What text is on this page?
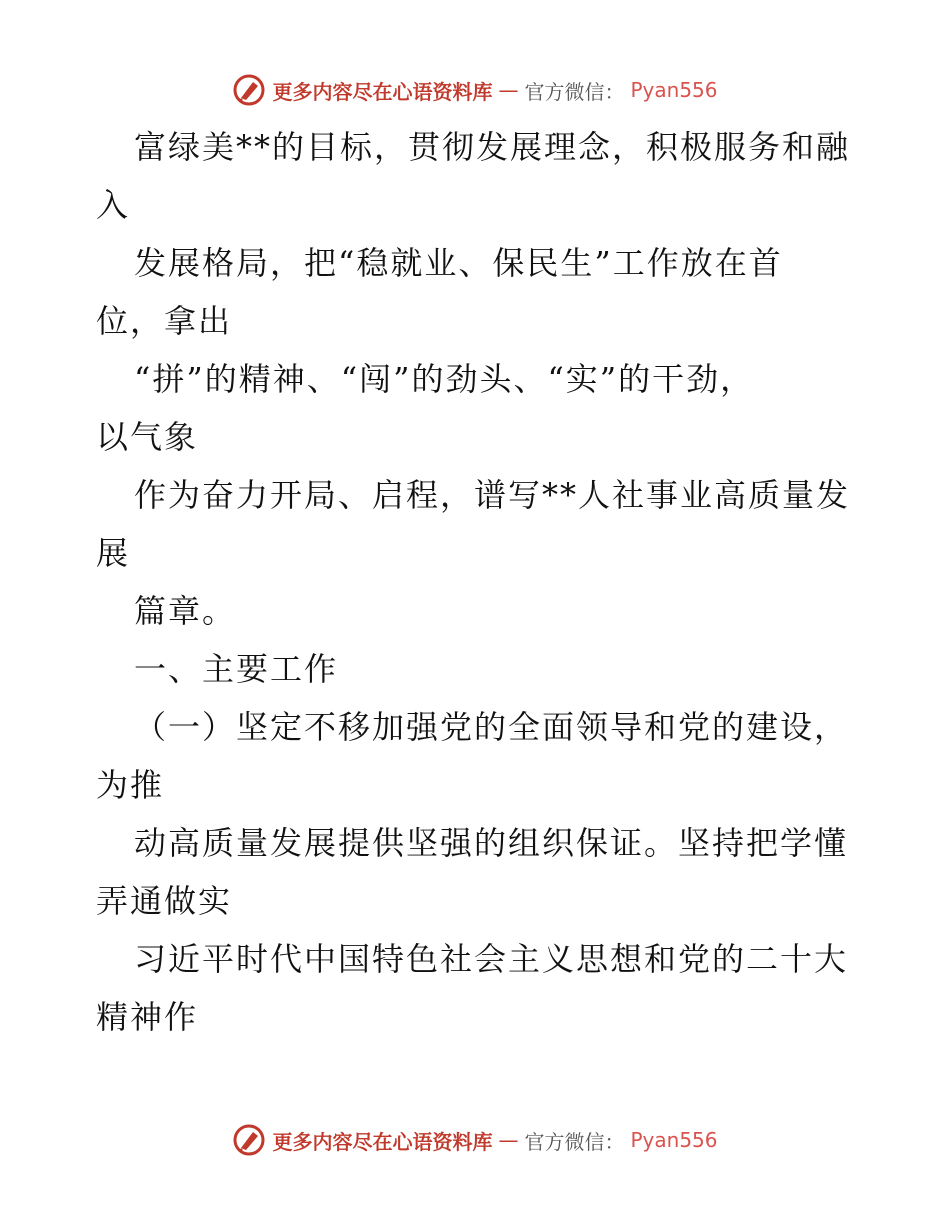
更多内容尽在心语资料库 — 官方微信： Pyan556
富绿美**的目标，贯彻发展理念，积极服务和融
入
发展格局，把“稳就业、保民生”工作放在首
位，拿出
“拼”的精神、“闯”的劲头、“实”的干劲，
以气象
作为奋力开局、启程，谱写**人社事业高质量发
展
篇章。
一、主要工作
（一）坚定不移加强党的全面领导和党的建设，
为推
动高质量发展提供坚强的组织保证。坚持把学懂
弄通做实
习近平时代中国特色社会主义思想和党的二十大
精神作
更多内容尽在心语资料库 — 官方微信： Pyan556
